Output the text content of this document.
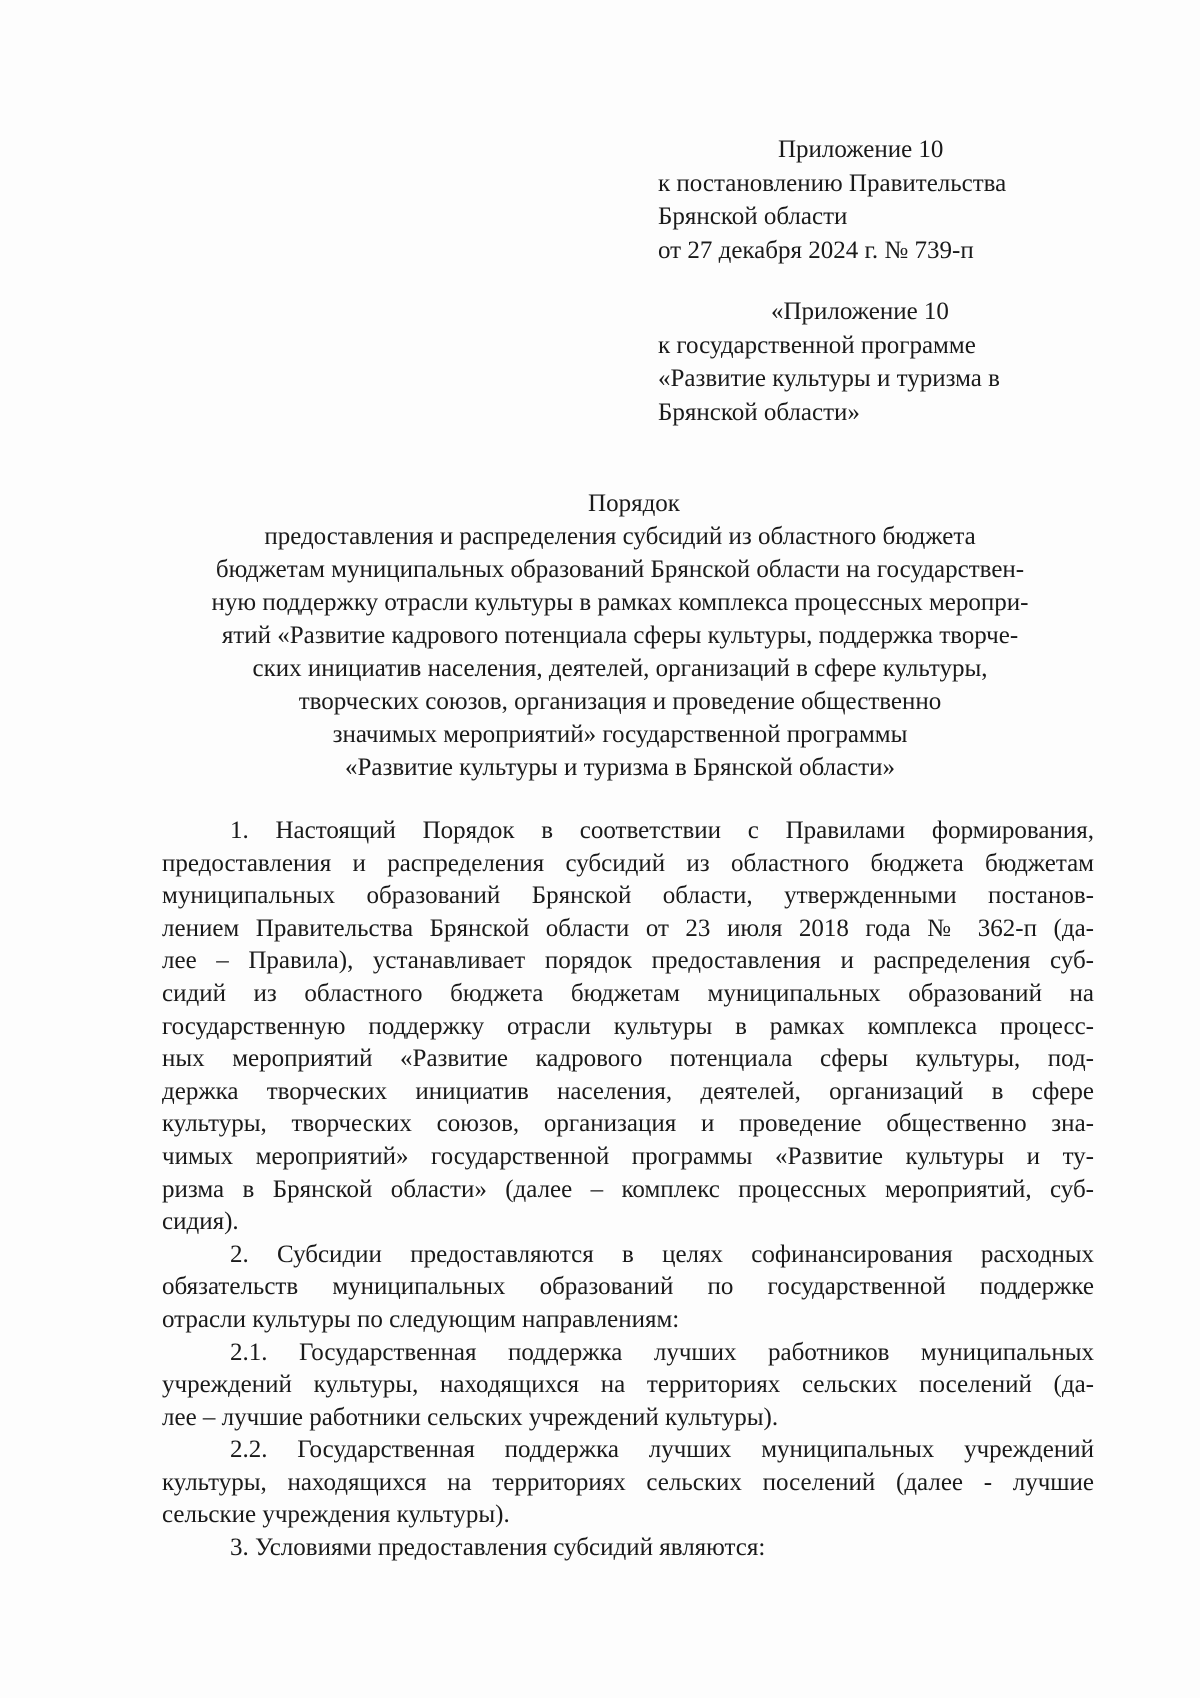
Приложение 10
к постановлению Правительства
Брянской области
от 27 декабря 2024 г. № 739-п
«Приложение 10
к государственной программе
«Развитие культуры и туризма в
Брянской области»
Порядок
предоставления и распределения субсидий из областного бюджета
бюджетам муниципальных образований Брянской области на государствен-
ную поддержку отрасли культуры в рамках комплекса процессных меропри-
ятий «Развитие кадрового потенциала сферы культуры, поддержка творче-
ских инициатив населения, деятелей, организаций в сфере культуры,
творческих союзов, организация и проведение общественно
значимых мероприятий» государственной программы
«Развитие культуры и туризма в Брянской области»
1. Настоящий Порядок в соответствии с Правилами формирования,
предоставления и распределения субсидий из областного бюджета бюджетам
муниципальных образований Брянской области, утвержденными постанов-
лением Правительства Брянской области от 23 июля 2018 года № 362-п (да-
лее – Правила), устанавливает порядок предоставления и распределения суб-
сидий из областного бюджета бюджетам муниципальных образований на
государственную поддержку отрасли культуры в рамках комплекса процесс-
ных мероприятий «Развитие кадрового потенциала сферы культуры, под-
держка творческих инициатив населения, деятелей, организаций в сфере
культуры, творческих союзов, организация и проведение общественно зна-
чимых мероприятий» государственной программы «Развитие культуры и ту-
ризма в Брянской области» (далее – комплекс процессных мероприятий, суб-
сидия).
2. Субсидии предоставляются в целях софинансирования расходных
обязательств муниципальных образований по государственной поддержке
отрасли культуры по следующим направлениям:
2.1. Государственная поддержка лучших работников муниципальных
учреждений культуры, находящихся на территориях сельских поселений (да-
лее – лучшие работники сельских учреждений культуры).
2.2. Государственная поддержка лучших муниципальных учреждений
культуры, находящихся на территориях сельских поселений (далее - лучшие
сельские учреждения культуры).
3. Условиями предоставления субсидий являются:
